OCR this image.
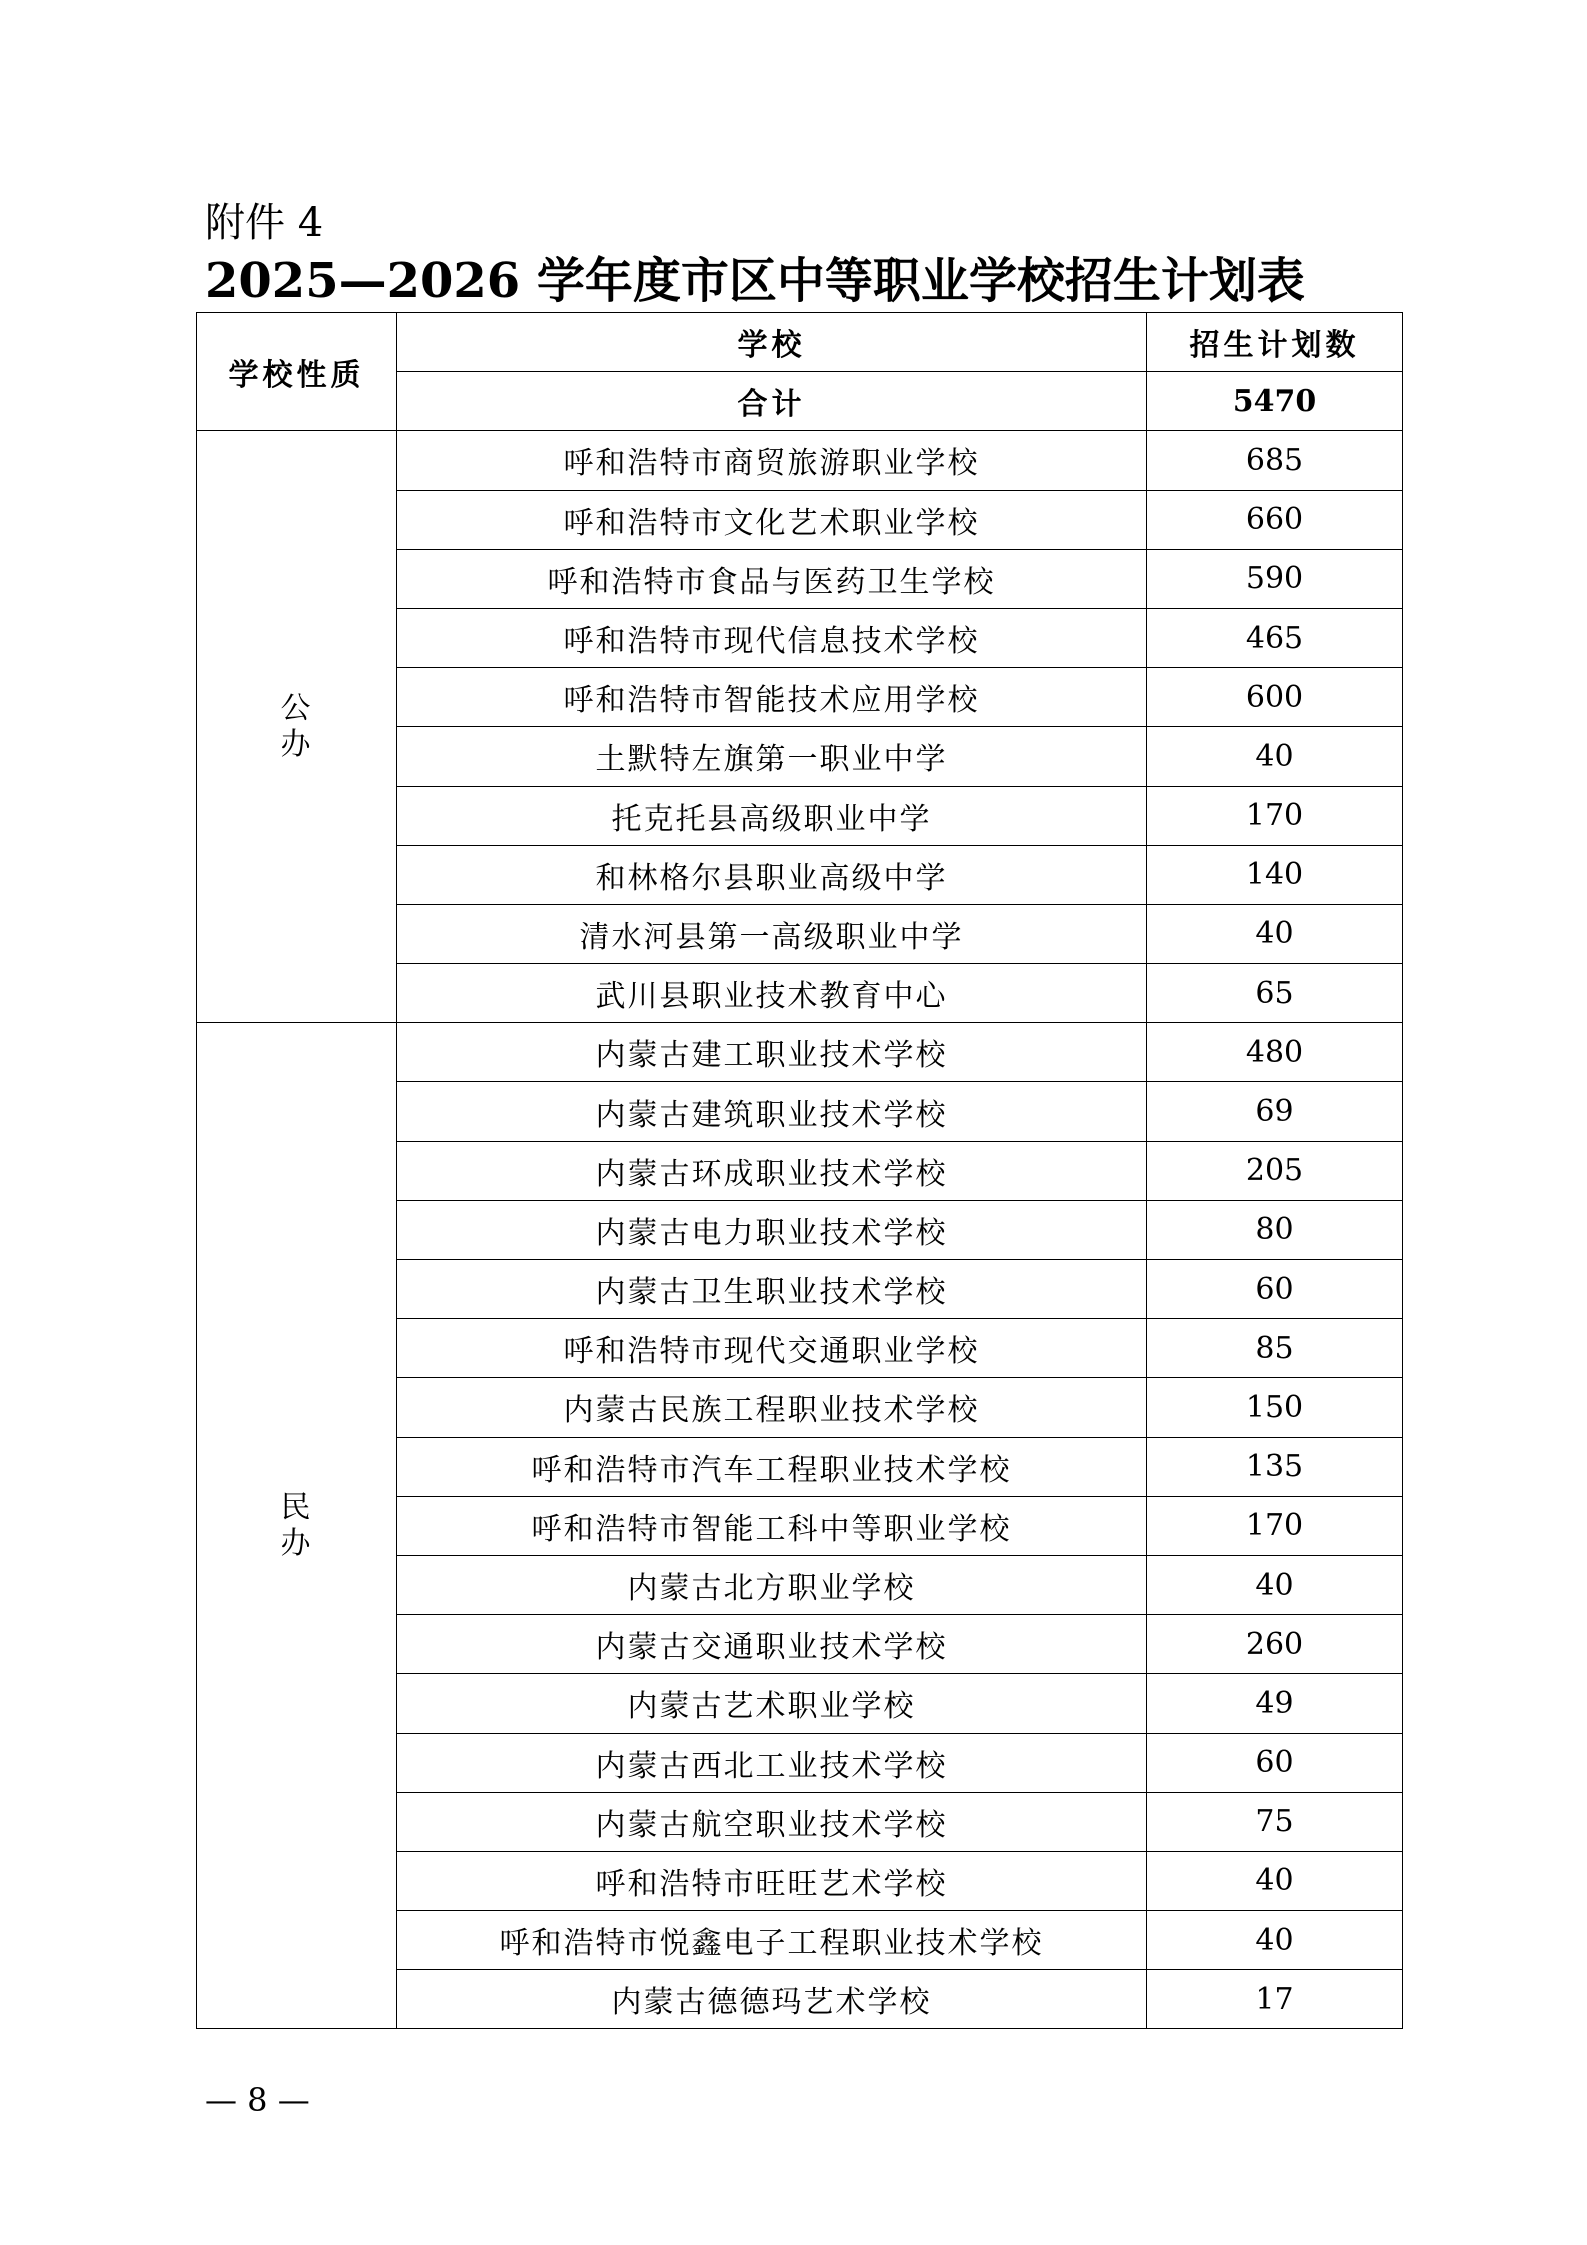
附件 4
2025—2026 学年度市区中等职业学校招生计划表
学校性质	学校	招生计划数
	合计	5470

公
办	呼和浩特市商贸旅游职业学校	685
	呼和浩特市文化艺术职业学校	660
	呼和浩特市食品与医药卫生学校	590
	呼和浩特市现代信息技术学校	465
	呼和浩特市智能技术应用学校	600
	土默特左旗第一职业中学	40
	托克托县高级职业中学	170
	和林格尔县职业高级中学	140
	清水河县第一高级职业中学	40
	武川县职业技术教育中心	65

民
办	内蒙古建工职业技术学校	480
	内蒙古建筑职业技术学校	69
	内蒙古环成职业技术学校	205
	内蒙古电力职业技术学校	80
	内蒙古卫生职业技术学校	60
	呼和浩特市现代交通职业学校	85
	内蒙古民族工程职业技术学校	150
	呼和浩特市汽车工程职业技术学校	135
	呼和浩特市智能工科中等职业学校	170
	内蒙古北方职业学校	40
	内蒙古交通职业技术学校	260
	内蒙古艺术职业学校	49
	内蒙古西北工业技术学校	60
	内蒙古航空职业技术学校	75
	呼和浩特市旺旺艺术学校	40
	呼和浩特市悦鑫电子工程职业技术学校	40
	内蒙古德德玛艺术学校	17
— 8 —
